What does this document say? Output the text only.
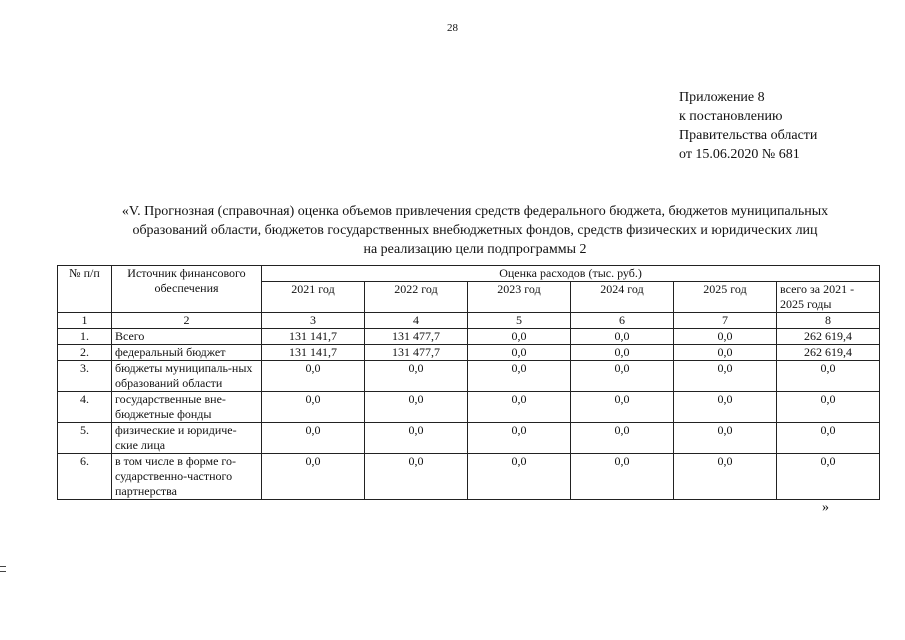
28
Приложение 8
к постановлению
Правительства области
от 15.06.2020 № 681
«V. Прогнозная (справочная) оценка объемов привлечения средств федерального бюджета, бюджетов муниципальных
образований области, бюджетов государственных внебюджетных фондов, средств физических и юридических лиц
на реализацию цели подпрограммы 2
№ п/п	Источник финансового обеспечения	Оценка расходов (тыс. руб.)					
		2021 год	2022 год	2023 год	2024 год	2025 год	всего за 2021 - 2025 годы
1	2	3	4	5	6	7	8
1.	Всего	131 141,7	131 477,7	0,0	0,0	0,0	262 619,4
2.	федеральный бюджет	131 141,7	131 477,7	0,0	0,0	0,0	262 619,4
3.	бюджеты муниципаль-ных образований области	0,0	0,0	0,0	0,0	0,0	0,0
4.	государственные вне-бюджетные фонды	0,0	0,0	0,0	0,0	0,0	0,0
5.	физические и юридиче-ские лица	0,0	0,0	0,0	0,0	0,0	0,0
6.	в том числе в форме го-сударственно-частного партнерства	0,0	0,0	0,0	0,0	0,0	0,0
»
